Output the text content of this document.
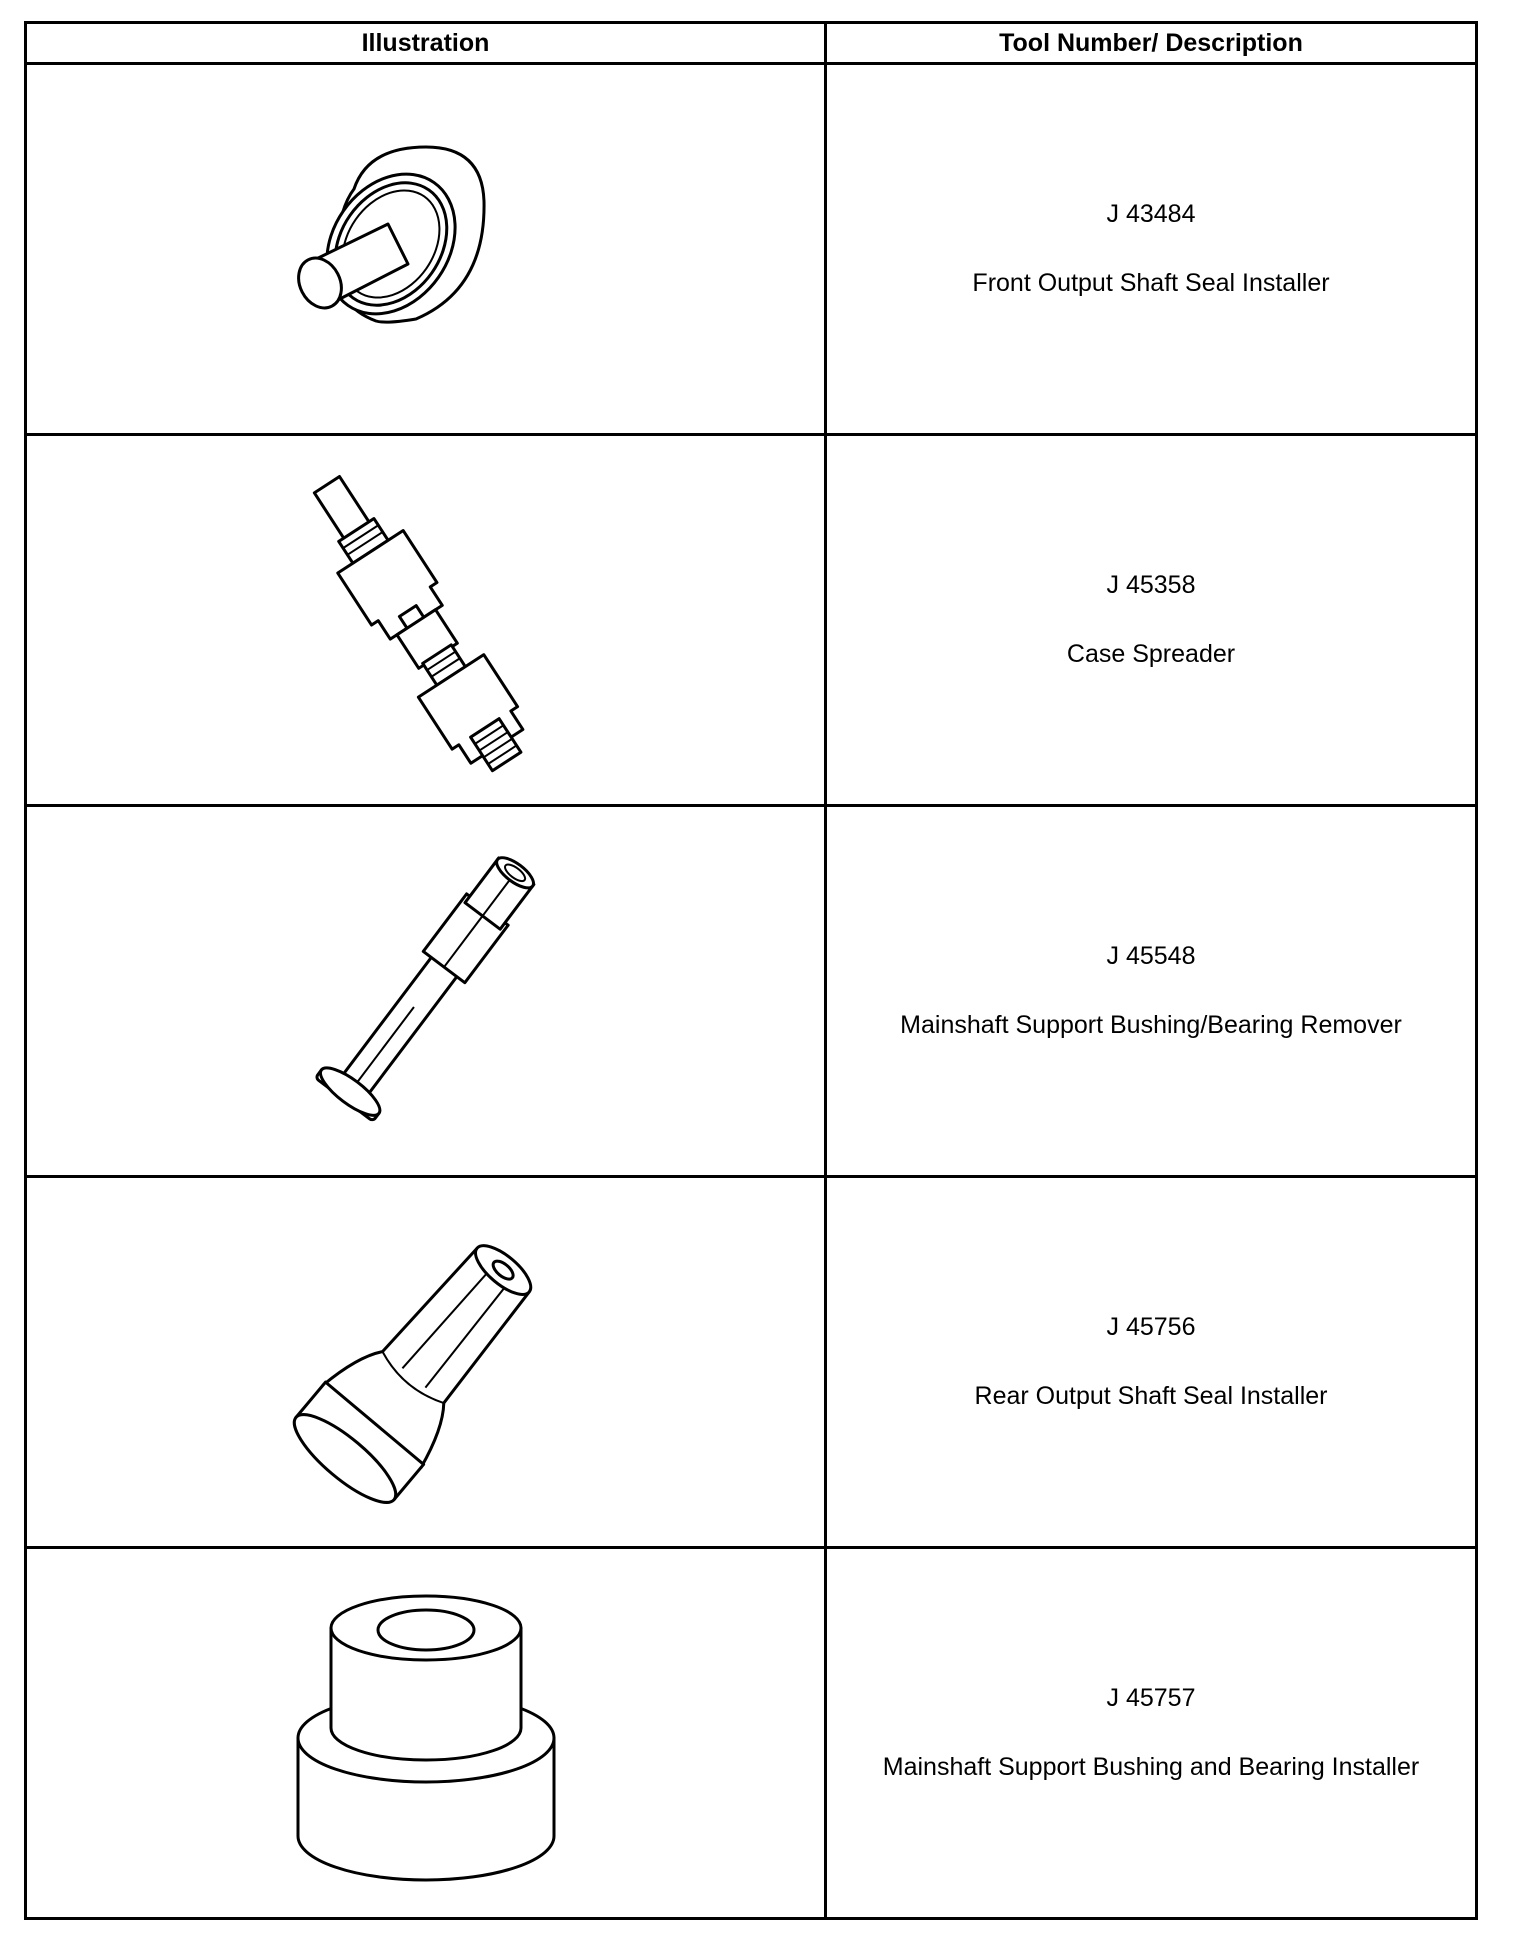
Illustration	Tool Number/ Description

J 43484
Front Output Shaft Seal Installer

J 45358
Case Spreader

J 45548
Mainshaft Support Bushing/Bearing Remover

J 45756
Rear Output Shaft Seal Installer

J 45757
Mainshaft Support Bushing and Bearing Installer
